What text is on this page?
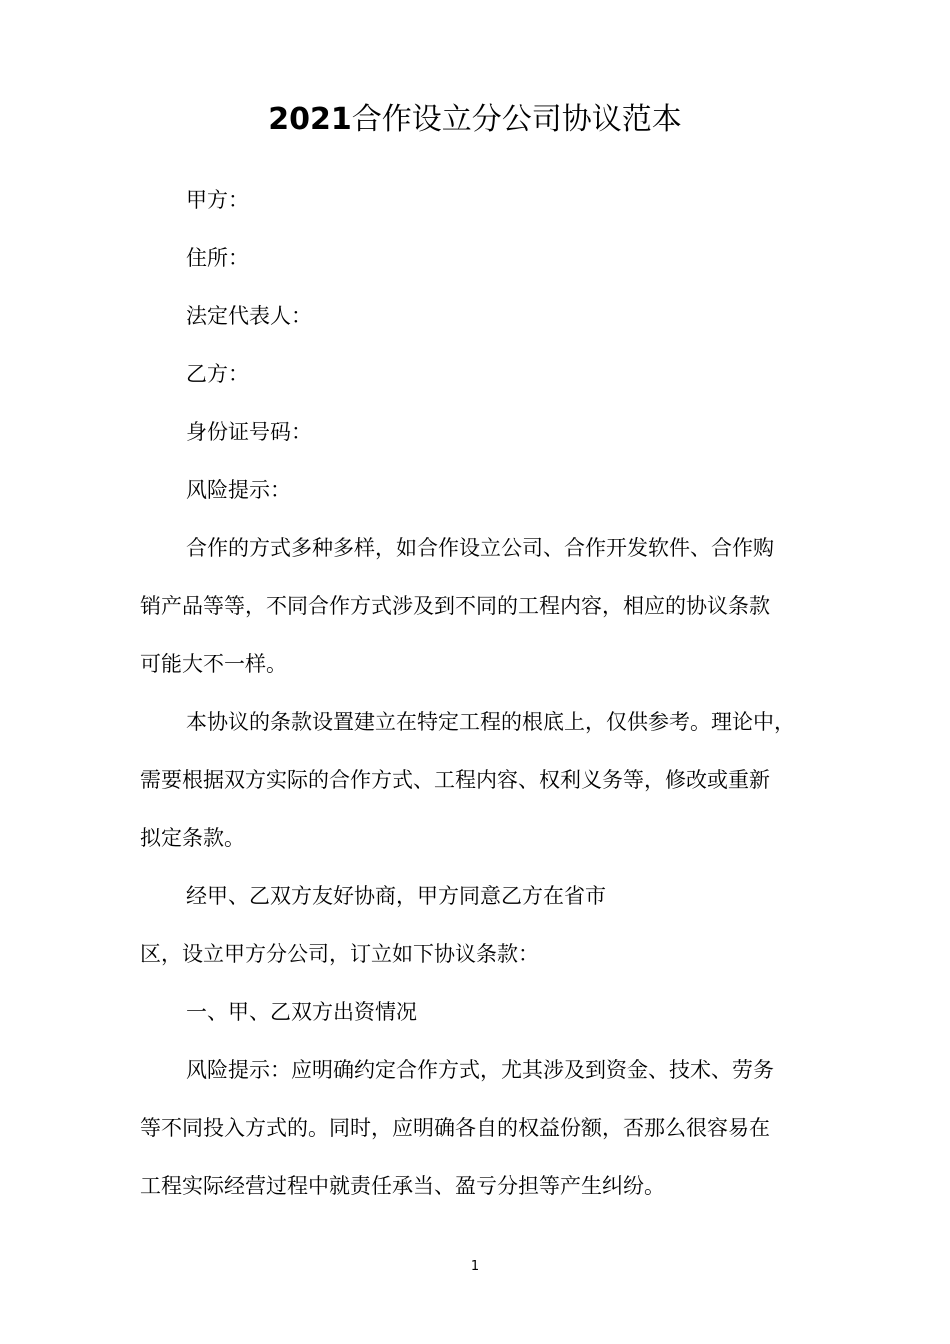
2021合作设立分公司协议范本
甲方：
住所：
法定代表人：
乙方：
身份证号码：
风险提示：
合作的方式多种多样，如合作设立公司、合作开发软件、合作购
销产品等等，不同合作方式涉及到不同的工程内容，相应的协议条款
可能大不一样。
本协议的条款设置建立在特定工程的根底上，仅供参考。理论中，
需要根据双方实际的合作方式、工程内容、权利义务等，修改或重新
拟定条款。
经甲、乙双方友好协商，甲方同意乙方在省市
区，设立甲方分公司，订立如下协议条款：
一、甲、乙双方出资情况
风险提示：应明确约定合作方式，尤其涉及到资金、技术、劳务
等不同投入方式的。同时，应明确各自的权益份额，否那么很容易在
工程实际经营过程中就责任承当、盈亏分担等产生纠纷。
1
